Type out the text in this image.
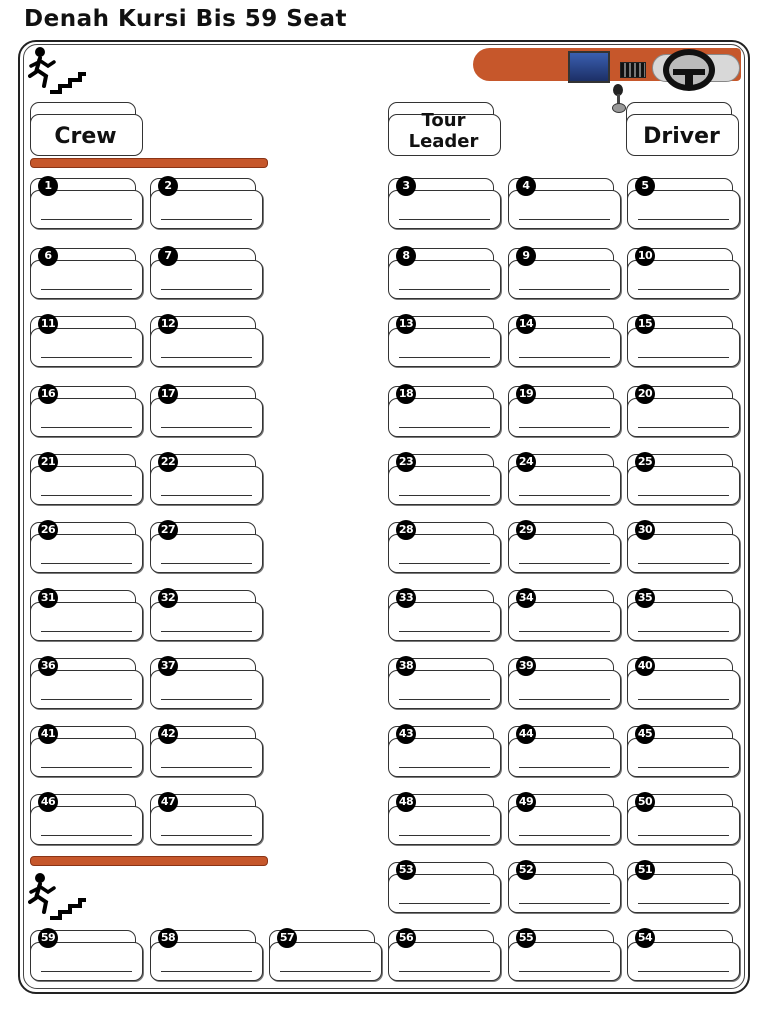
Denah Kursi Bis 59 Seat
Crew
Tour
Leader	Driver
1	2	3	4	5
6	7	8	9	10
11	12	13	14	15
16	17	18	19	20
21	22	23	24	25
26	27	28	29	30
31	32	33	34	35
36	37	38	39	40
41	42	43	44	45
46	47	48	49	50
53	52	51
59	58	57	56	55	54
